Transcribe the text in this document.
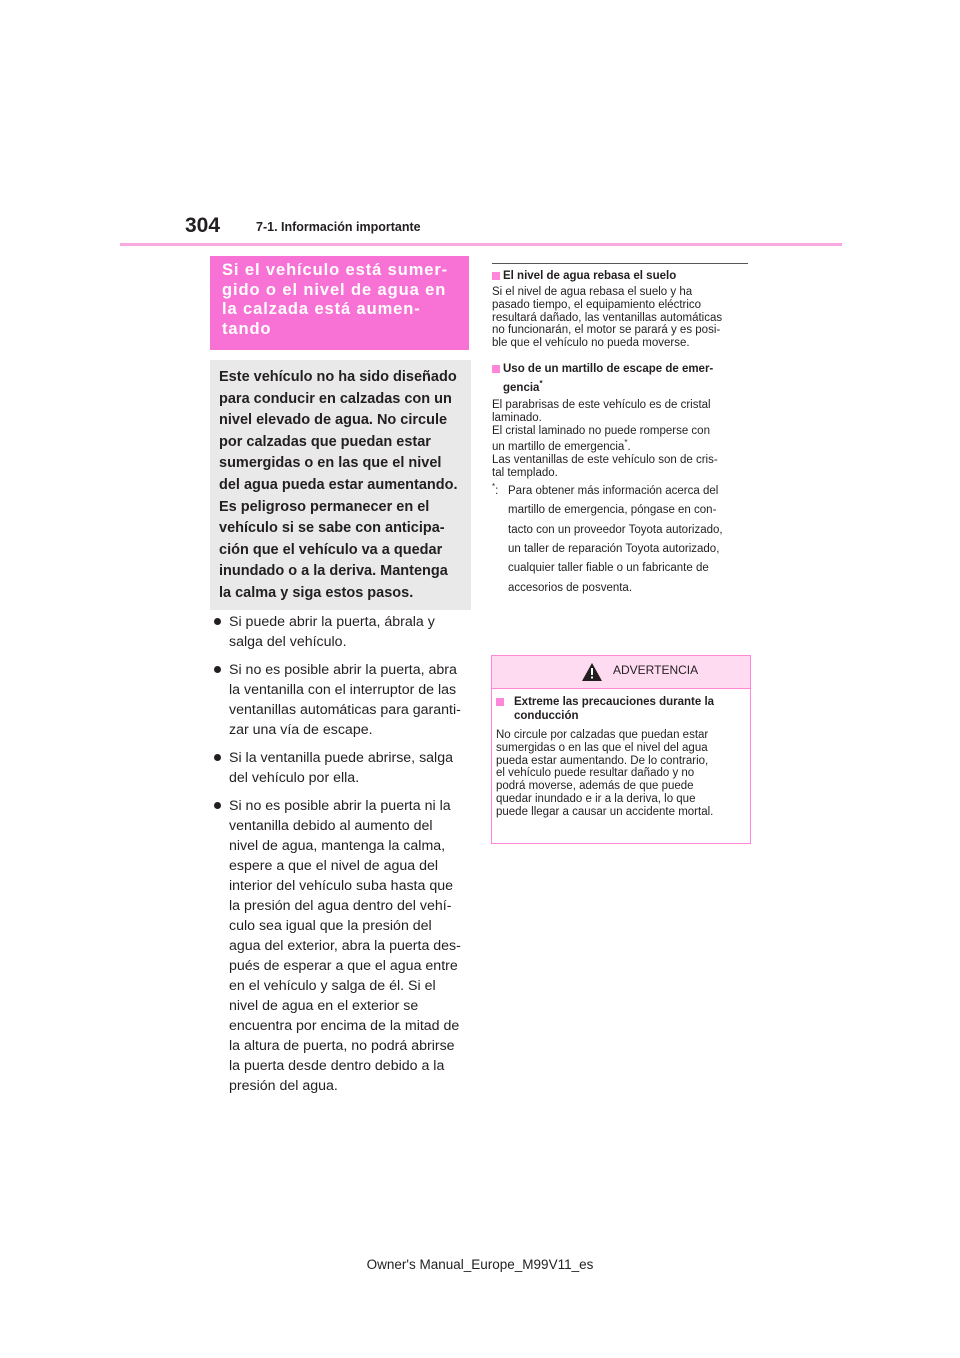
304	7-1. Información importante
Si el vehículo está sumer-
gido o el nivel de agua en
la calzada está aumen-
tando
Este vehículo no ha sido diseñado
para conducir en calzadas con un
nivel elevado de agua. No circule
por calzadas que puedan estar
sumergidas o en las que el nivel
del agua pueda estar aumentando.
Es peligroso permanecer en el
vehículo si se sabe con anticipa-
ción que el vehículo va a quedar
inundado o a la deriva. Mantenga
la calma y siga estos pasos.
Si puede abrir la puerta, ábrala y
salga del vehículo.
Si no es posible abrir la puerta, abra
la ventanilla con el interruptor de las
ventanillas automáticas para garanti-
zar una vía de escape.
Si la ventanilla puede abrirse, salga
del vehículo por ella.
Si no es posible abrir la puerta ni la
ventanilla debido al aumento del
nivel de agua, mantenga la calma,
espere a que el nivel de agua del
interior del vehículo suba hasta que
la presión del agua dentro del vehí-
culo sea igual que la presión del
agua del exterior, abra la puerta des-
pués de esperar a que el agua entre
en el vehículo y salga de él. Si el
nivel de agua en el exterior se
encuentra por encima de la mitad de
la altura de puerta, no podrá abrirse
la puerta desde dentro debido a la
presión del agua.
El nivel de agua rebasa el suelo
Si el nivel de agua rebasa el suelo y ha
pasado tiempo, el equipamiento eléctrico
resultará dañado, las ventanillas automáticas
no funcionarán, el motor se parará y es posi-
ble que el vehículo no pueda moverse.
Uso de un martillo de escape de emer-
gencia*
El parabrisas de este vehículo es de cristal
laminado.
El cristal laminado no puede romperse con
un martillo de emergencia*.
Las ventanillas de este vehículo son de cris-
tal templado.
*: Para obtener más información acerca del
martillo de emergencia, póngase en con-
tacto con un proveedor Toyota autorizado,
un taller de reparación Toyota autorizado,
cualquier taller fiable o un fabricante de
accesorios de posventa.
ADVERTENCIA
Extreme las precauciones durante la
conducción
No circule por calzadas que puedan estar
sumergidas o en las que el nivel del agua
pueda estar aumentando. De lo contrario,
el vehículo puede resultar dañado y no
podrá moverse, además de que puede
quedar inundado e ir a la deriva, lo que
puede llegar a causar un accidente mortal.
Owner's Manual_Europe_M99V11_es
